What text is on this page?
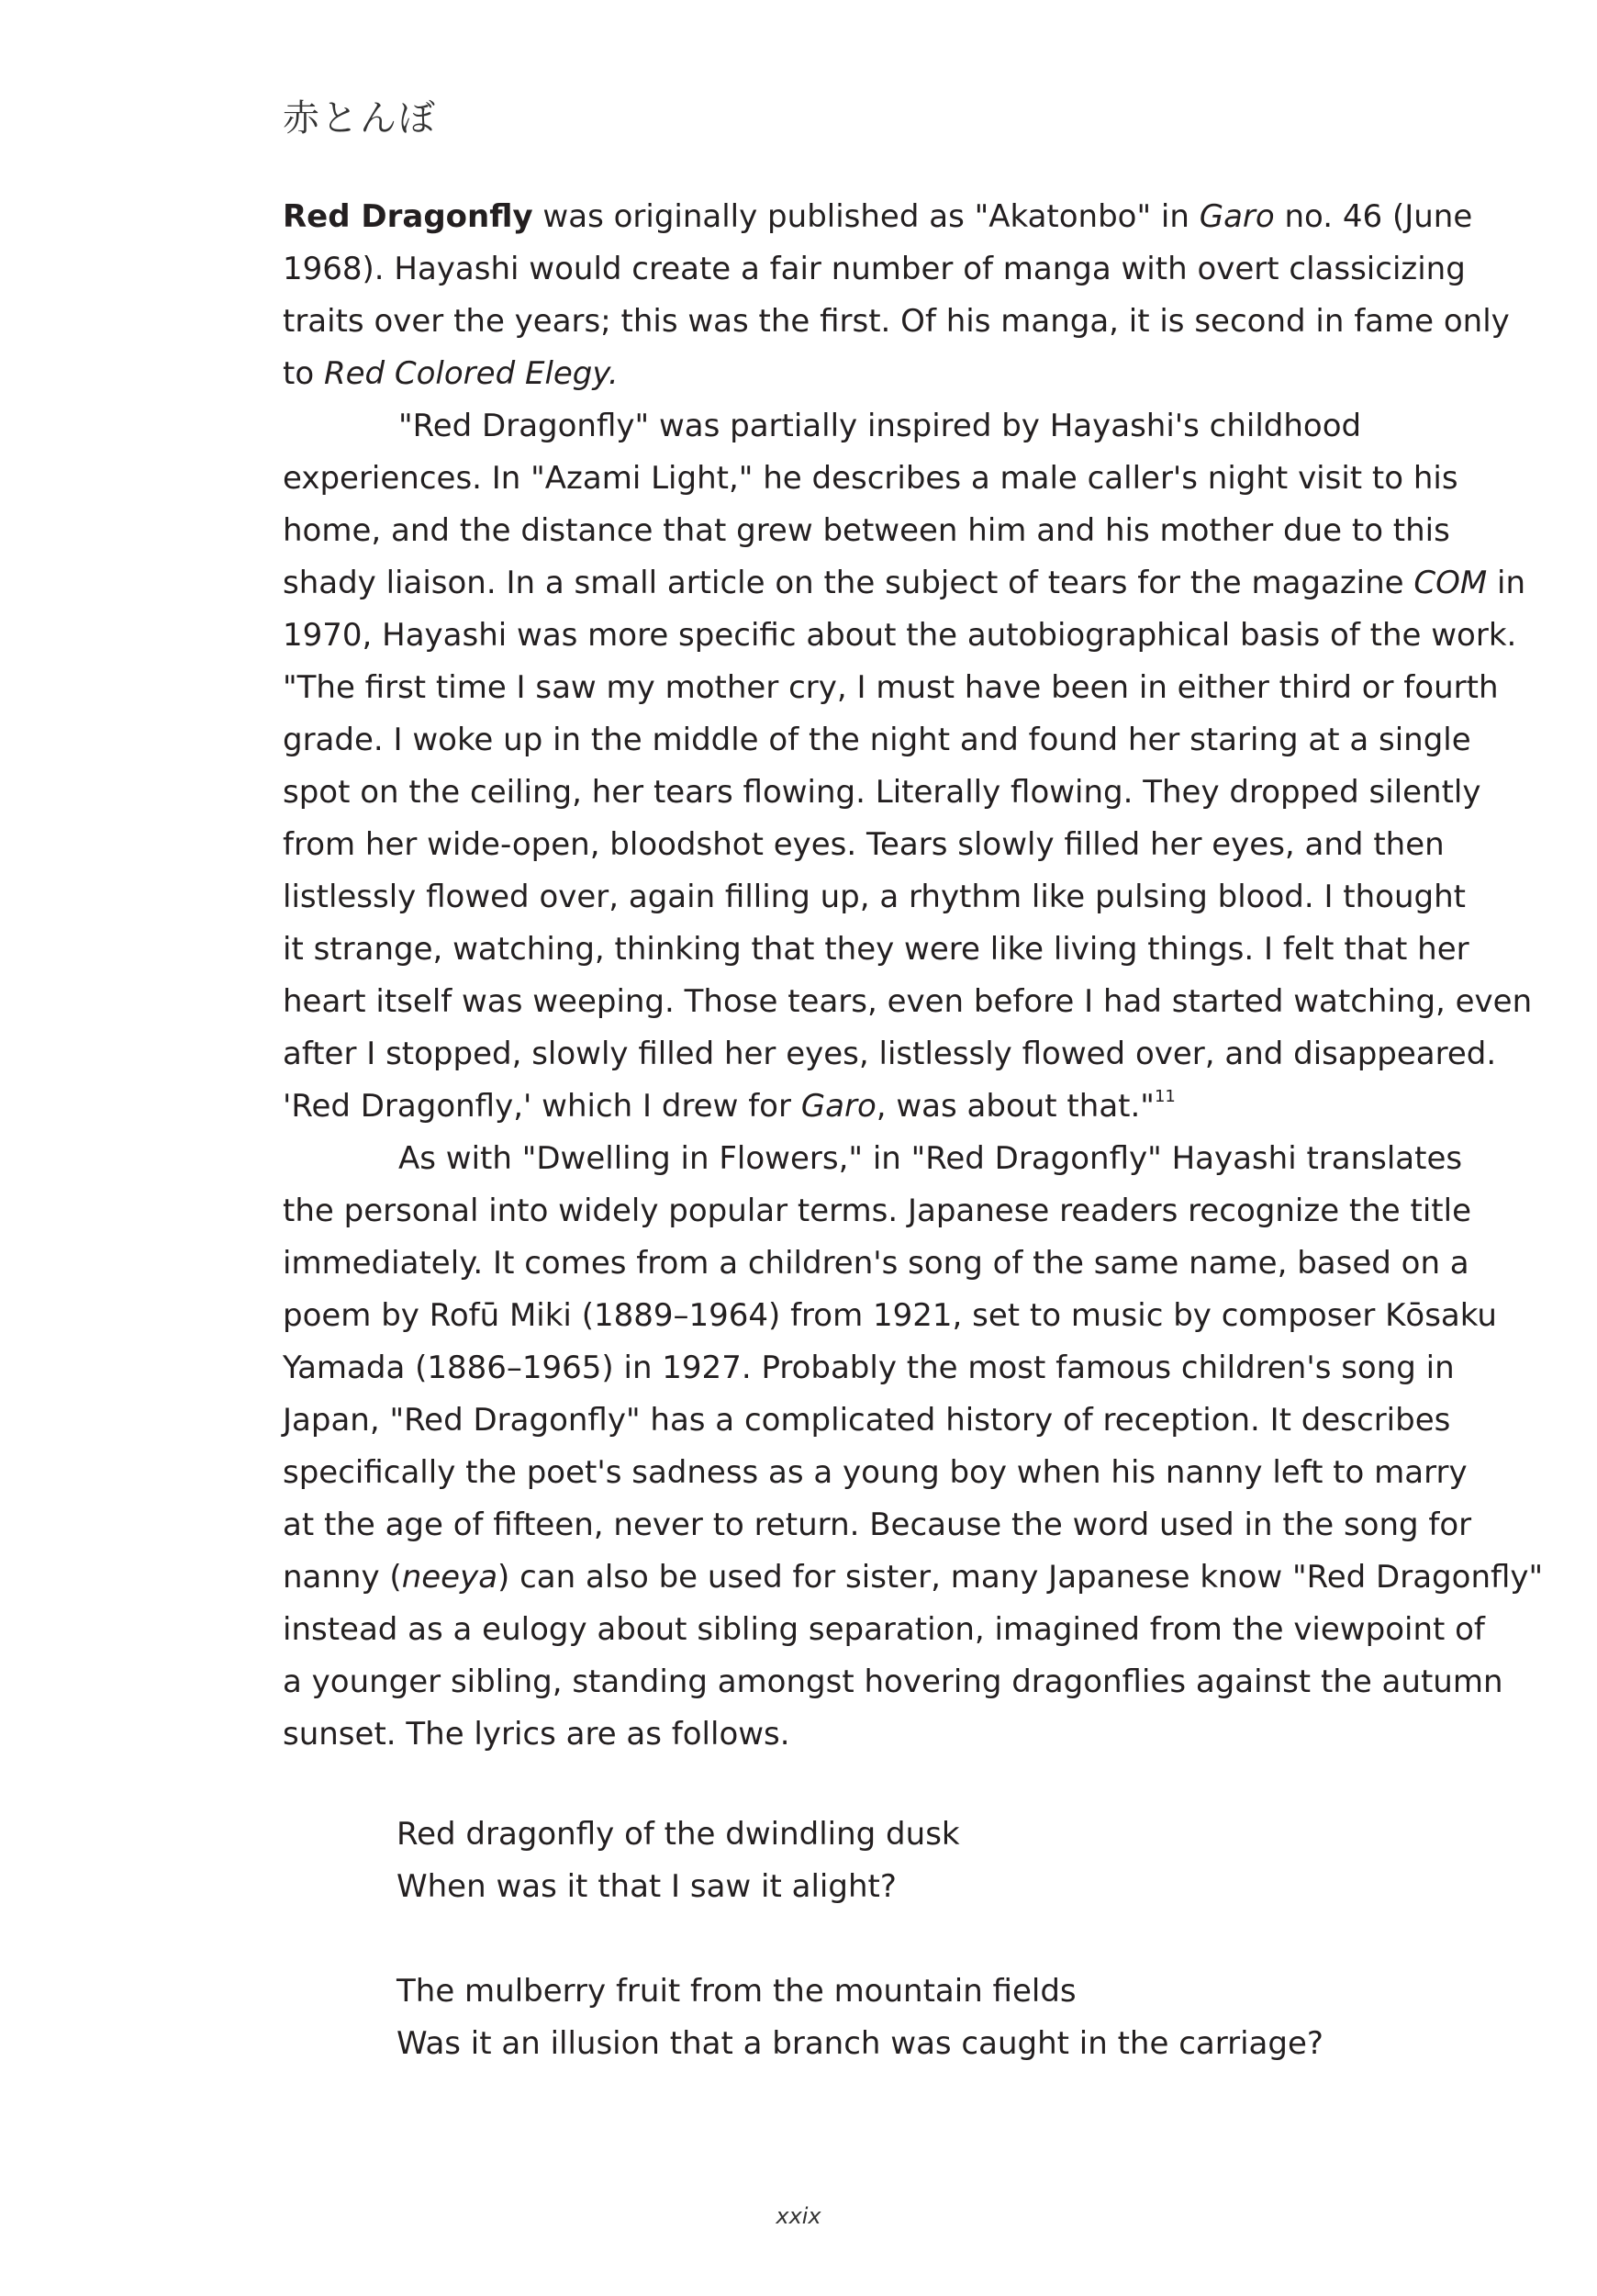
赤とんぼ
Red Dragonfly was originally published as "Akatonbo" in Garo no. 46 (June
1968). Hayashi would create a fair number of manga with overt classicizing
traits over the years; this was the first. Of his manga, it is second in fame only
to Red Colored Elegy.
"Red Dragonfly" was partially inspired by Hayashi's childhood
experiences. In "Azami Light," he describes a male caller's night visit to his
home, and the distance that grew between him and his mother due to this
shady liaison. In a small article on the subject of tears for the magazine COM in
1970, Hayashi was more specific about the autobiographical basis of the work.
"The first time I saw my mother cry, I must have been in either third or fourth
grade. I woke up in the middle of the night and found her staring at a single
spot on the ceiling, her tears flowing. Literally flowing. They dropped silently
from her wide-open, bloodshot eyes. Tears slowly filled her eyes, and then
listlessly flowed over, again filling up, a rhythm like pulsing blood. I thought
it strange, watching, thinking that they were like living things. I felt that her
heart itself was weeping. Those tears, even before I had started watching, even
after I stopped, slowly filled her eyes, listlessly flowed over, and disappeared.
'Red Dragonfly,' which I drew for Garo, was about that."$^{11}$
As with "Dwelling in Flowers," in "Red Dragonfly" Hayashi translates
the personal into widely popular terms. Japanese readers recognize the title
immediately. It comes from a children's song of the same name, based on a
poem by Rofū Miki (1889–1964) from 1921, set to music by composer Kōsaku
Yamada (1886–1965) in 1927. Probably the most famous children's song in
Japan, "Red Dragonfly" has a complicated history of reception. It describes
specifically the poet's sadness as a young boy when his nanny left to marry
at the age of fifteen, never to return. Because the word used in the song for
nanny (neeya) can also be used for sister, many Japanese know "Red Dragonfly"
instead as a eulogy about sibling separation, imagined from the viewpoint of
a younger sibling, standing amongst hovering dragonflies against the autumn
sunset. The lyrics are as follows.
Red dragonfly of the dwindling dusk
When was it that I saw it alight?
The mulberry fruit from the mountain fields
Was it an illusion that a branch was caught in the carriage?
xxix
